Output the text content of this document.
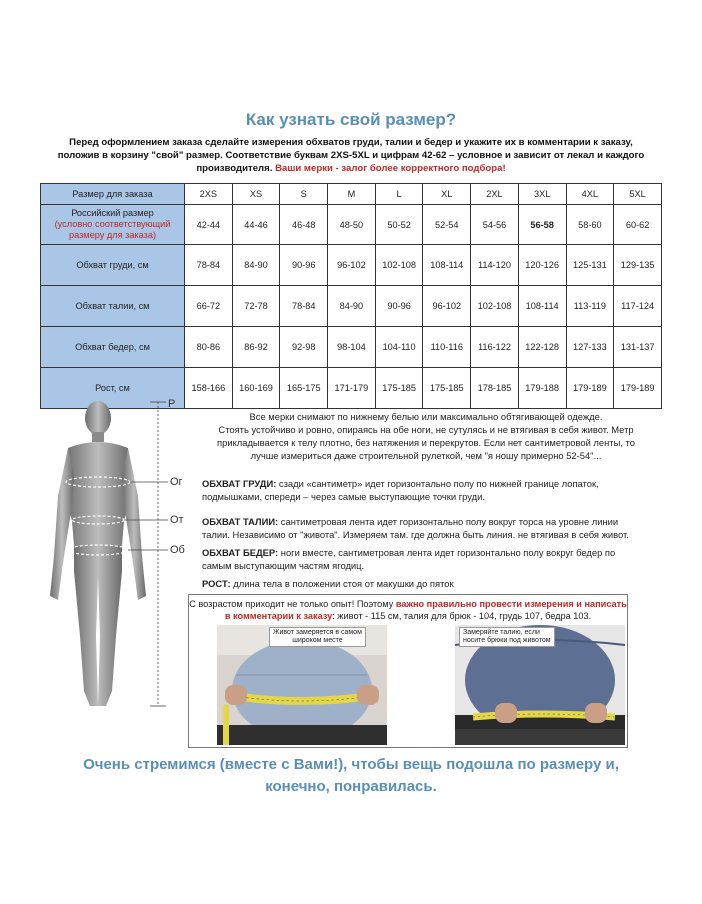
Как узнать свой размер?
Перед оформлением заказа сделайте измерения обхватов груди, талии и бедер и укажите их в комментарии к заказу,
положив в корзину "свой" размер. Соответствие буквам 2XS-5XL и цифрам 42-62 – условное и зависит от лекал и каждого
производителя. Ваши мерки - залог более корректного подбора!
Размер для заказа	2XS	XS	S	M	L	XL	2XL	3XL	4XL	5XL

Российский размер
(условно соответствующий
размеру для заказа)	42-44	44-46	46-48	48-50	50-52	52-54	54-56	56-58	58-60	60-62
Обхват груди, см	78-84	84-90	90-96	96-102	102-108	108-114	114-120	120-126	125-131	129-135
Обхват талии, см	66-72	72-78	78-84	84-90	90-96	96-102	102-108	108-114	113-119	117-124
Обхват бедер, см	80-86	86-92	92-98	98-104	104-110	110-116	116-122	122-128	127-133	131-137
Рост, см	158-166	160-169	165-175	171-179	175-185	175-185	178-185	179-188	179-189	179-189
Р
Ог
От
Об
Все мерки снимают по нижнему белью или максимально обтягивающей одежде.
Стоять устойчиво и ровно, опираясь на обе ноги, не сутулясь и не втягивая в себя живот. Метр
прикладывается к телу плотно, без натяжения и перекрутов. Если нет сантиметровой ленты, то
лучше измериться даже строительной рулеткой, чем "я ношу примерно 52-54"...
ОБХВАТ ГРУДИ: сзади «сантиметр» идет горизонтально полу по нижней границе лопаток,
подмышками, спереди – через самые выступающие точки груди.
ОБХВАТ ТАЛИИ: сантиметровая лента идет горизонтально полу вокруг торса на уровне линии
талии. Независимо от "живота". Измеряем там. где должна быть линия. не втягивая в себя живот.
ОБХВАТ БЕДЕР: ноги вместе, сантиметровая лента идет горизонтально полу вокруг бедер по
самым выступающим частям ягодиц.
РОСТ: длина тела в положении стоя от макушки до пяток
С возрастом приходит не только опыт! Поэтому важно правильно провести измерения и написать
в комментарии к заказу: живот - 115 см, талия для брюк - 104, грудь 107, бедра 103.
Живот замеряется в самом
широком месте
Замеряйте талию, если
носите брюки под животом
Очень стремимся (вместе с Вами!), чтобы вещь подошла по размеру и,
конечно, понравилась.
